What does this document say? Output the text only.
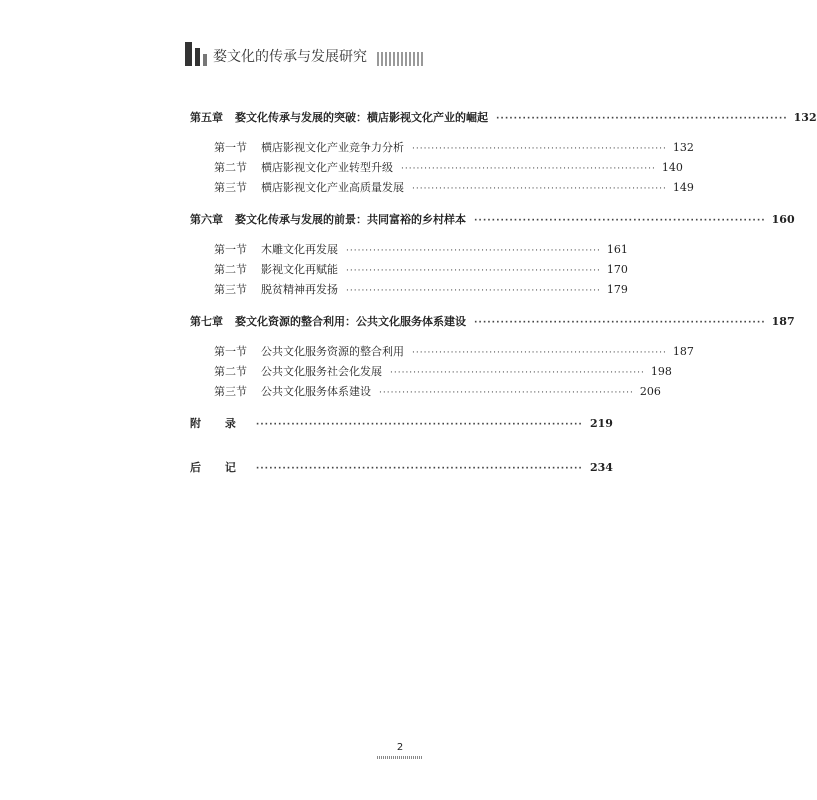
婺文化的传承与发展研究
第五章 婺文化传承与发展的突破：横店影视文化产业的崛起 ·································································· 132
第一节 横店影视文化产业竞争力分析 ·································································· 132
第二节 横店影视文化产业转型升级 ·································································· 140
第三节 横店影视文化产业高质量发展 ·································································· 149
第六章 婺文化传承与发展的前景：共同富裕的乡村样本 ·································································· 160
第一节 木雕文化再发展 ·································································· 161
第二节 影视文化再赋能 ·································································· 170
第三节 脱贫精神再发扬 ·································································· 179
第七章 婺文化资源的整合利用：公共文化服务体系建设 ·································································· 187
第一节 公共文化服务资源的整合利用 ·································································· 187
第二节 公共文化服务社会化发展 ·································································· 198
第三节 公共文化服务体系建设 ·································································· 206
附 录 ·········································································· 219
后 记 ·········································································· 234
2
